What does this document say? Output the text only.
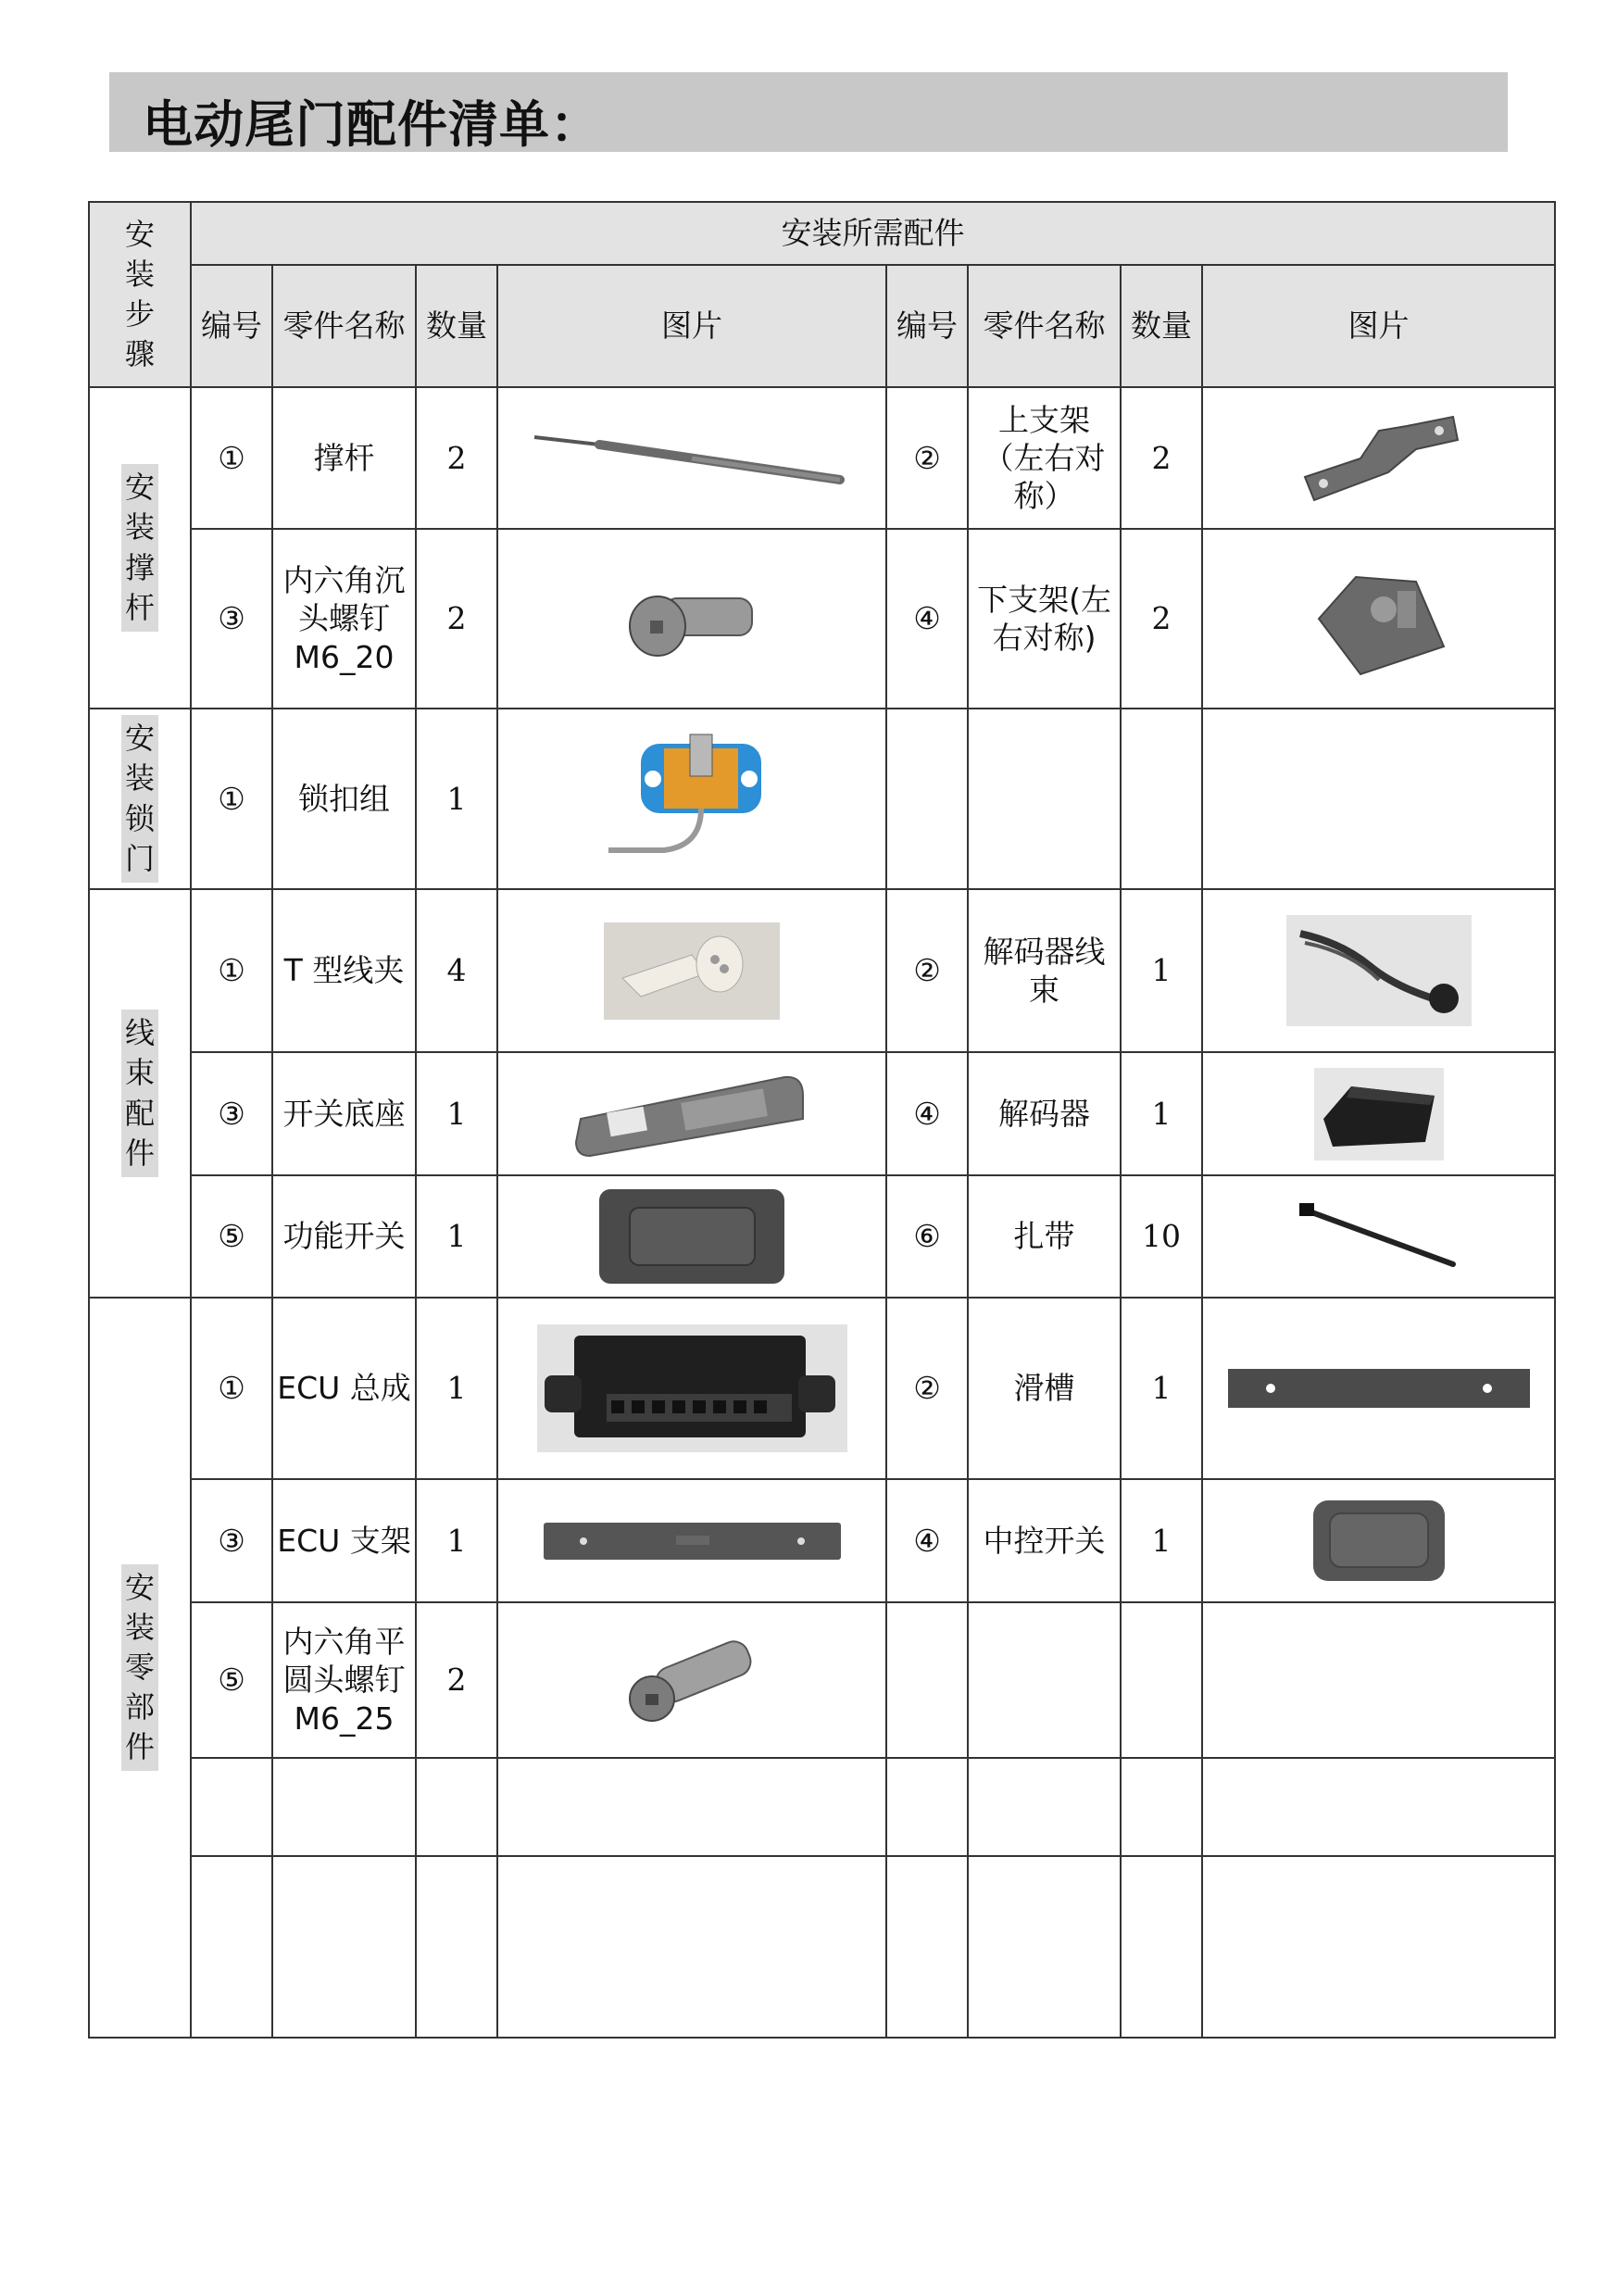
电动尾门配件清单：
安装步骤	安装所需配件							
	编号	零件名称	数量	图片	编号	零件名称	数量	图片
安装撑杆	①	撑杆	2		②	上支架（左右对称）	2	

	③	内六角沉头螺钉M6_20	2		④	下支架(左右对称)	2	

安装锁门	①	锁扣组	1	

线束配件	①	T 型线夹	4		②	解码器线束	1	

	③	开关底座	1		④	解码器	1	

	⑤	功能开关	1		⑥	扎带	10	

安装零部件	①	ECU 总成	1		②	滑槽	1	

	③	ECU 支架	1		④	中控开关	1	

	⑤	内六角平圆头螺钉M6_25	2	
